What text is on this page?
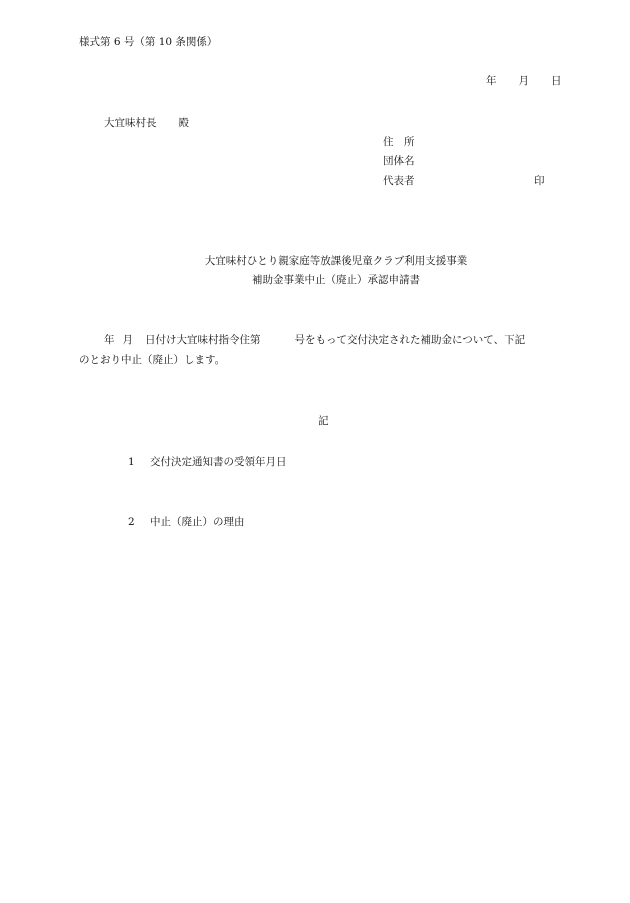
様式第 6 号（第 10 条関係）
年 月 日
大宜味村長 殿
住　所
団体名
代表者	印
大宜味村ひとり親家庭等放課後児童クラブ利用支援事業
補助金事業中止（廃止）承認申請書
年 月 日付け大宜味村指令住第	号をもって交付決定された補助金について、下記
のとおり中止（廃止）します。
記
1 交付決定通知書の受領年月日
2 中止（廃止）の理由
